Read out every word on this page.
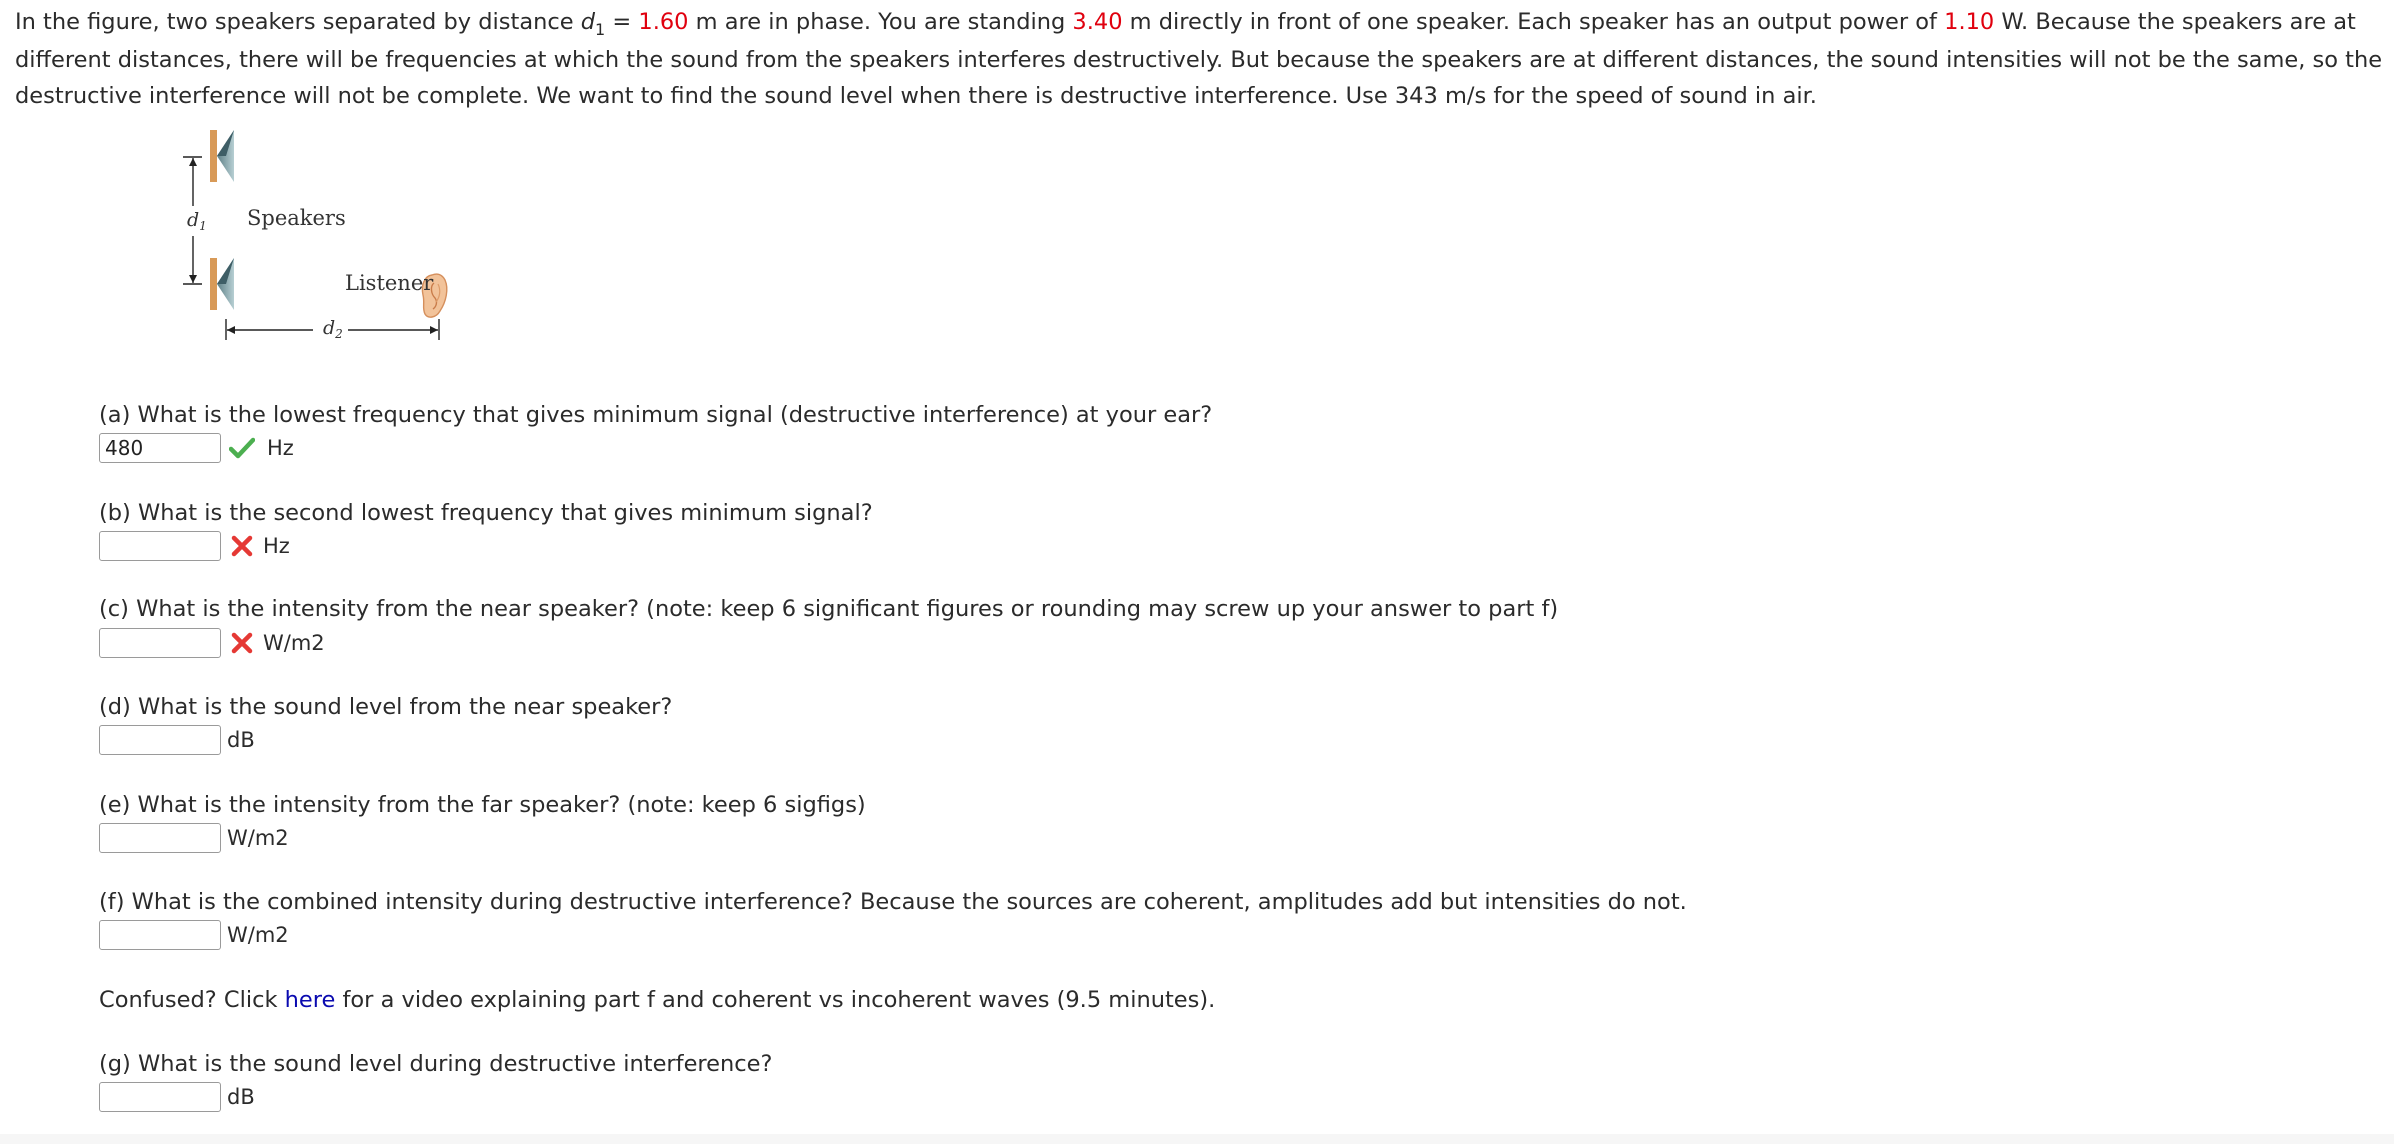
In the figure, two speakers separated by distance $d_1 = 1.60$ m are in phase. You are standing 3.40 m directly in front of one speaker. Each speaker has an output power of 1.10 W. Because the speakers are at different distances, there will be frequencies at which the sound from the speakers interferes destructively. But because the speakers are at different distances, the sound intensities will not be the same, so the destructive interference will not be complete. We want to find the sound level when there is destructive interference. Use 343 m/s for the speed of sound in air.
$d_1$ Speakers
Listener
$d_2$
(a) What is the lowest frequency that gives minimum signal (destructive interference) at your ear?
480	Hz
(b) What is the second lowest frequency that gives minimum signal?
Hz
(c) What is the intensity from the near speaker? (note: keep 6 significant figures or rounding may screw up your answer to part f)
W/m2
(d) What is the sound level from the near speaker?
dB
(e) What is the intensity from the far speaker? (note: keep 6 sigfigs)
W/m2
(f) What is the combined intensity during destructive interference? Because the sources are coherent, amplitudes add but intensities do not.
W/m2
Confused? Click here for a video explaining part f and coherent vs incoherent waves (9.5 minutes).
(g) What is the sound level during destructive interference?
dB
